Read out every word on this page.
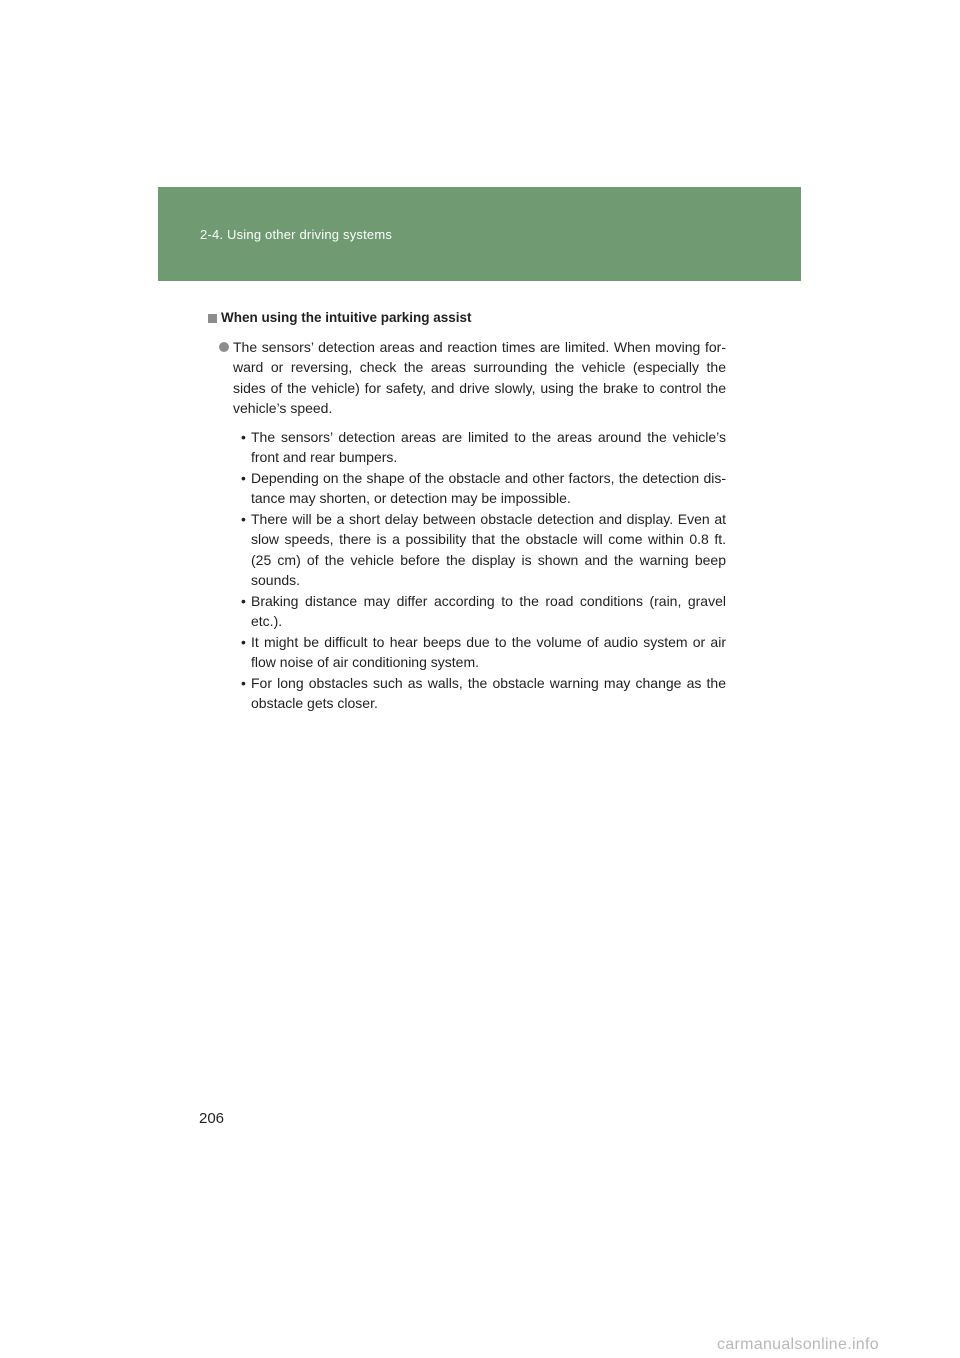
2-4. Using other driving systems
When using the intuitive parking assist
The sensors’ detection areas and reaction times are limited. When moving for-ward or reversing, check the areas surrounding the vehicle (especially the sides of the vehicle) for safety, and drive slowly, using the brake to control the vehicle’s speed.
• The sensors’ detection areas are limited to the areas around the vehicle’s front and rear bumpers.
• Depending on the shape of the obstacle and other factors, the detection dis-tance may shorten, or detection may be impossible.
• There will be a short delay between obstacle detection and display. Even at slow speeds, there is a possibility that the obstacle will come within 0.8 ft. (25 cm) of the vehicle before the display is shown and the warning beep sounds.
• Braking distance may differ according to the road conditions (rain, gravel etc.).
• It might be difficult to hear beeps due to the volume of audio system or air flow noise of air conditioning system.
• For long obstacles such as walls, the obstacle warning may change as the obstacle gets closer.
206
carmanualsonline.info
